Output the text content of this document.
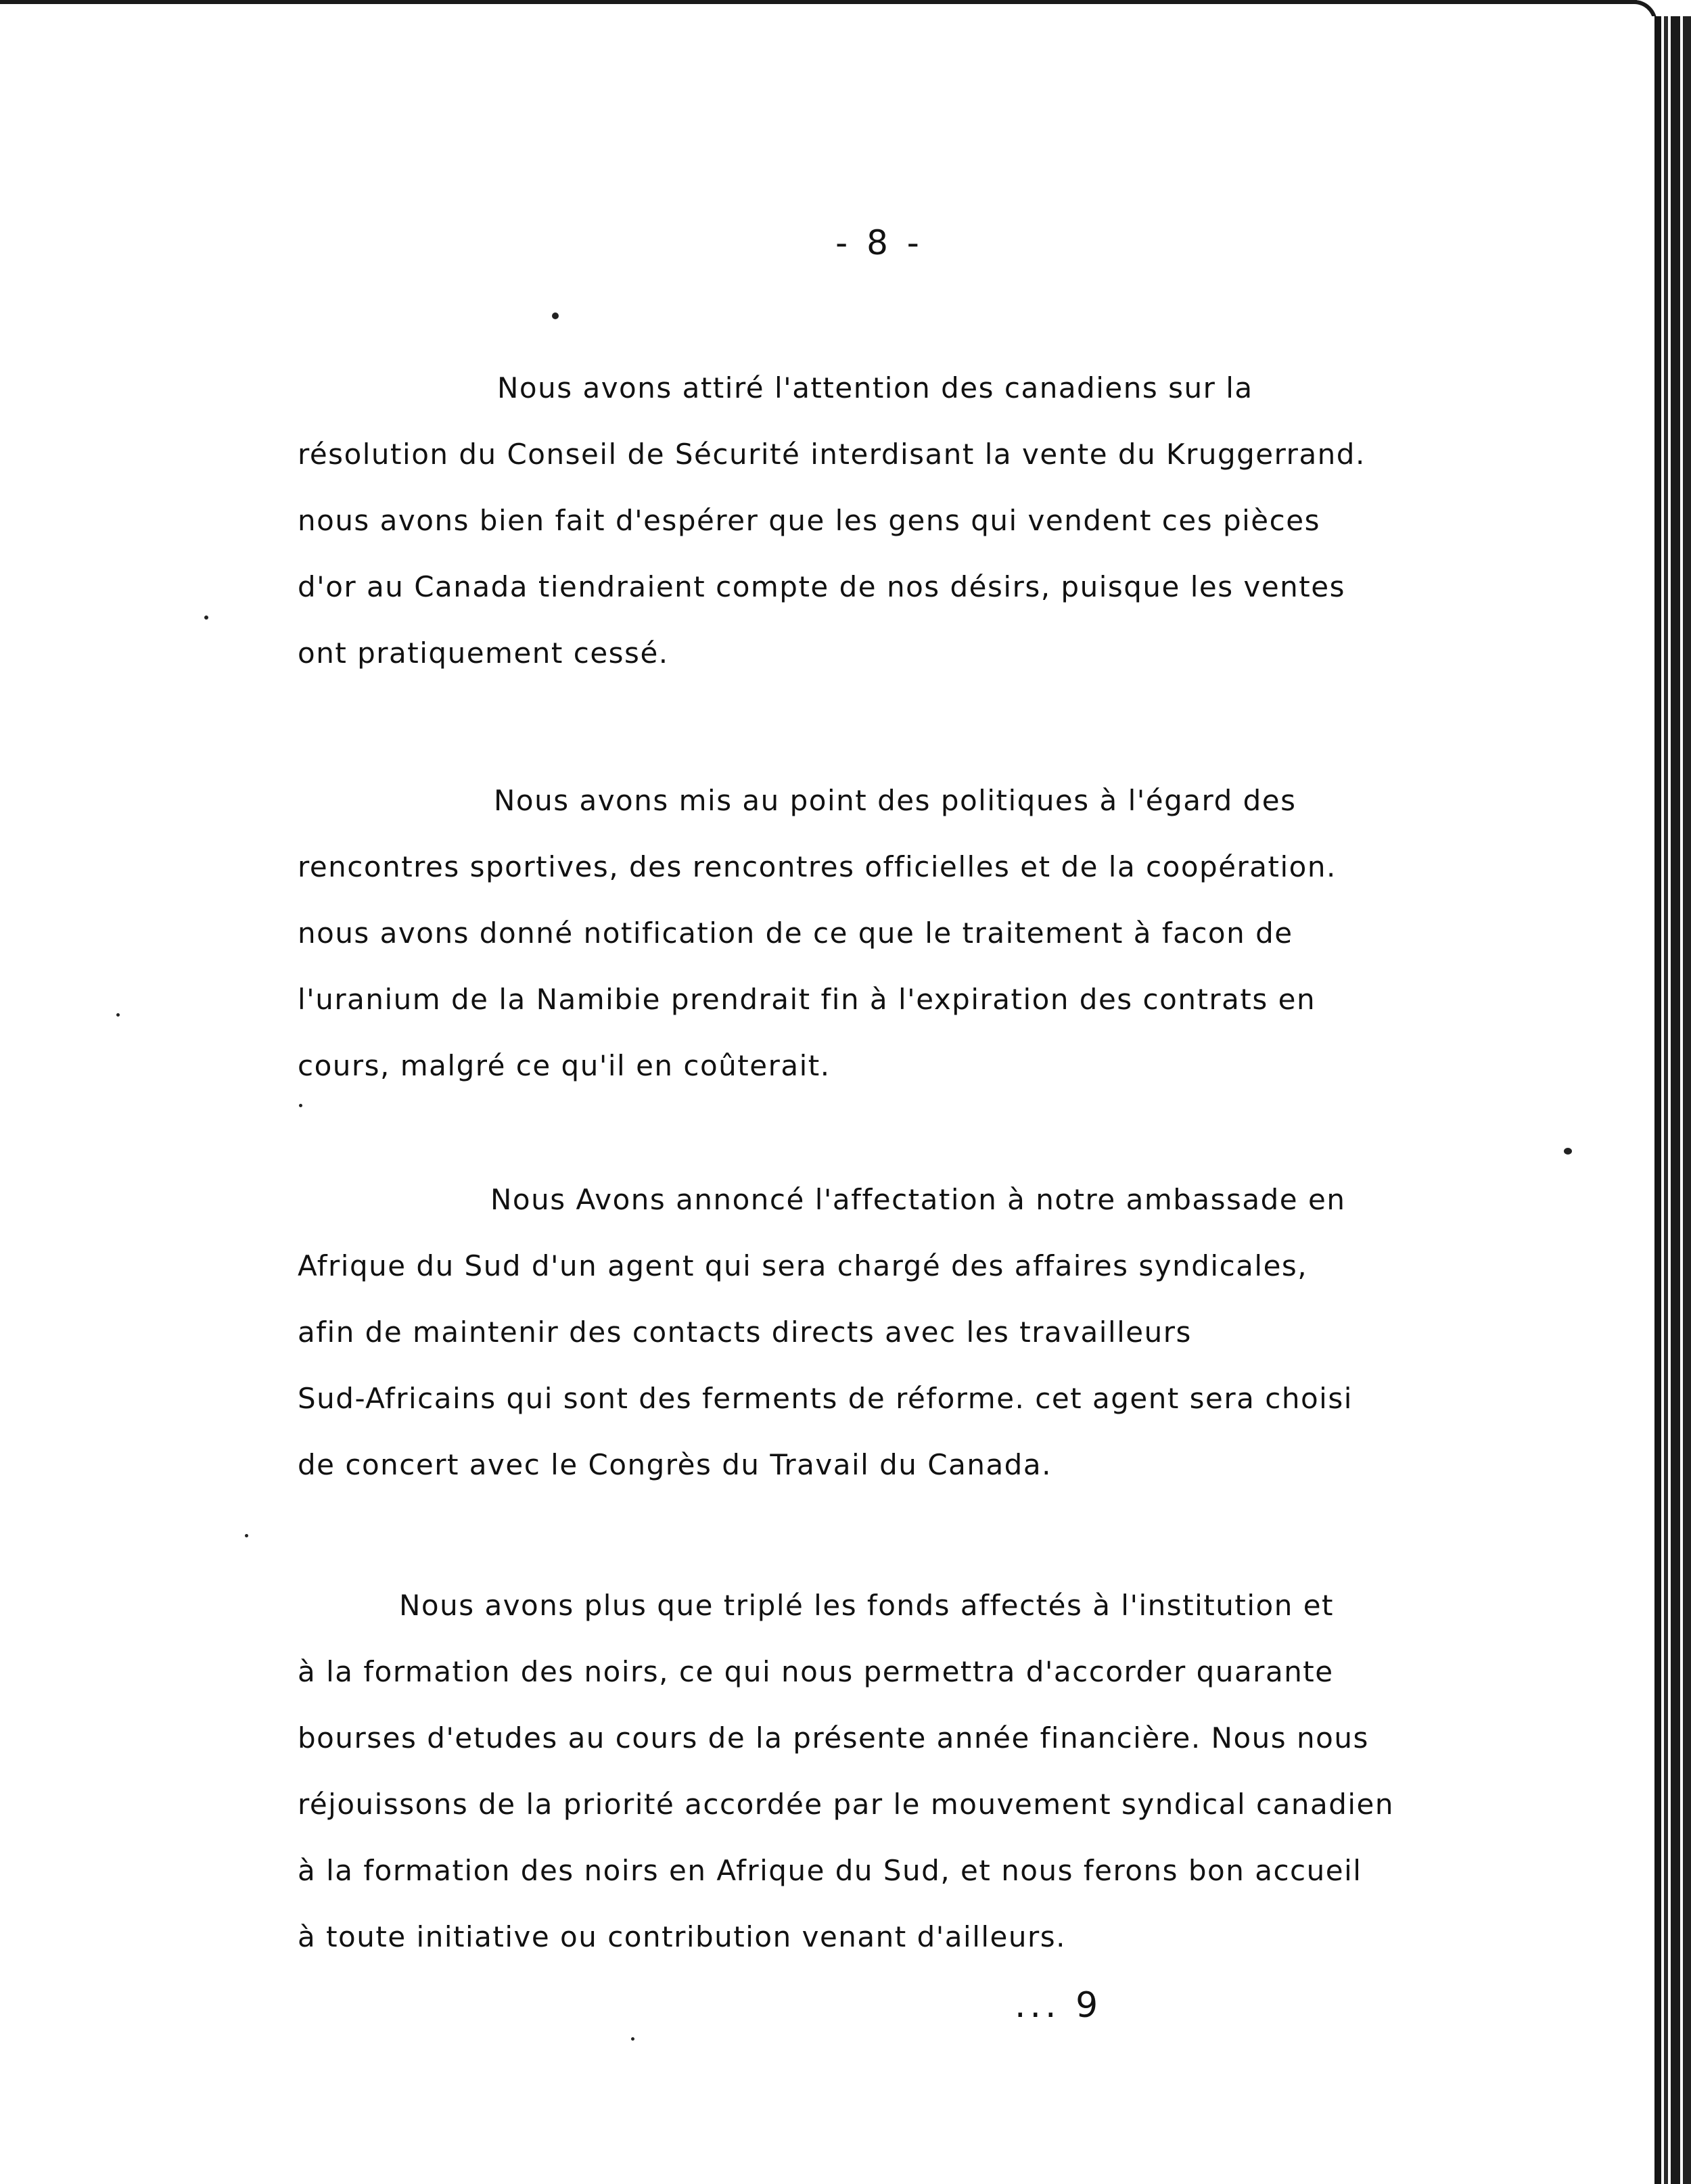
- 8 -

Nous avons attiré l'attention des canadiens sur la
résolution du Conseil de Sécurité interdisant la vente du Kruggerrand.
nous avons bien fait d'espérer que les gens qui vendent ces pièces
d'or au Canada tiendraient compte de nos désirs, puisque les ventes
ont pratiquement cessé.

Nous avons mis au point des politiques à l'égard des
rencontres sportives, des rencontres officielles et de la coopération.
nous avons donné notification de ce que le traitement à facon de
l'uranium de la Namibie prendrait fin à l'expiration des contrats en
cours, malgré ce qu'il en coûterait.

Nous Avons annoncé l'affectation à notre ambassade en
Afrique du Sud d'un agent qui sera chargé des affaires syndicales,
afin de maintenir des contacts directs avec les travailleurs
Sud-Africains qui sont des ferments de réforme. cet agent sera choisi
de concert avec le Congrès du Travail du Canada.

Nous avons plus que triplé les fonds affectés à l'institution et
à la formation des noirs, ce qui nous permettra d'accorder quarante
bourses d'etudes au cours de la présente année financière. Nous nous
réjouissons de la priorité accordée par le mouvement syndical canadien
à la formation des noirs en Afrique du Sud, et nous ferons bon accueil
à toute initiative ou contribution venant d'ailleurs.

... 9
